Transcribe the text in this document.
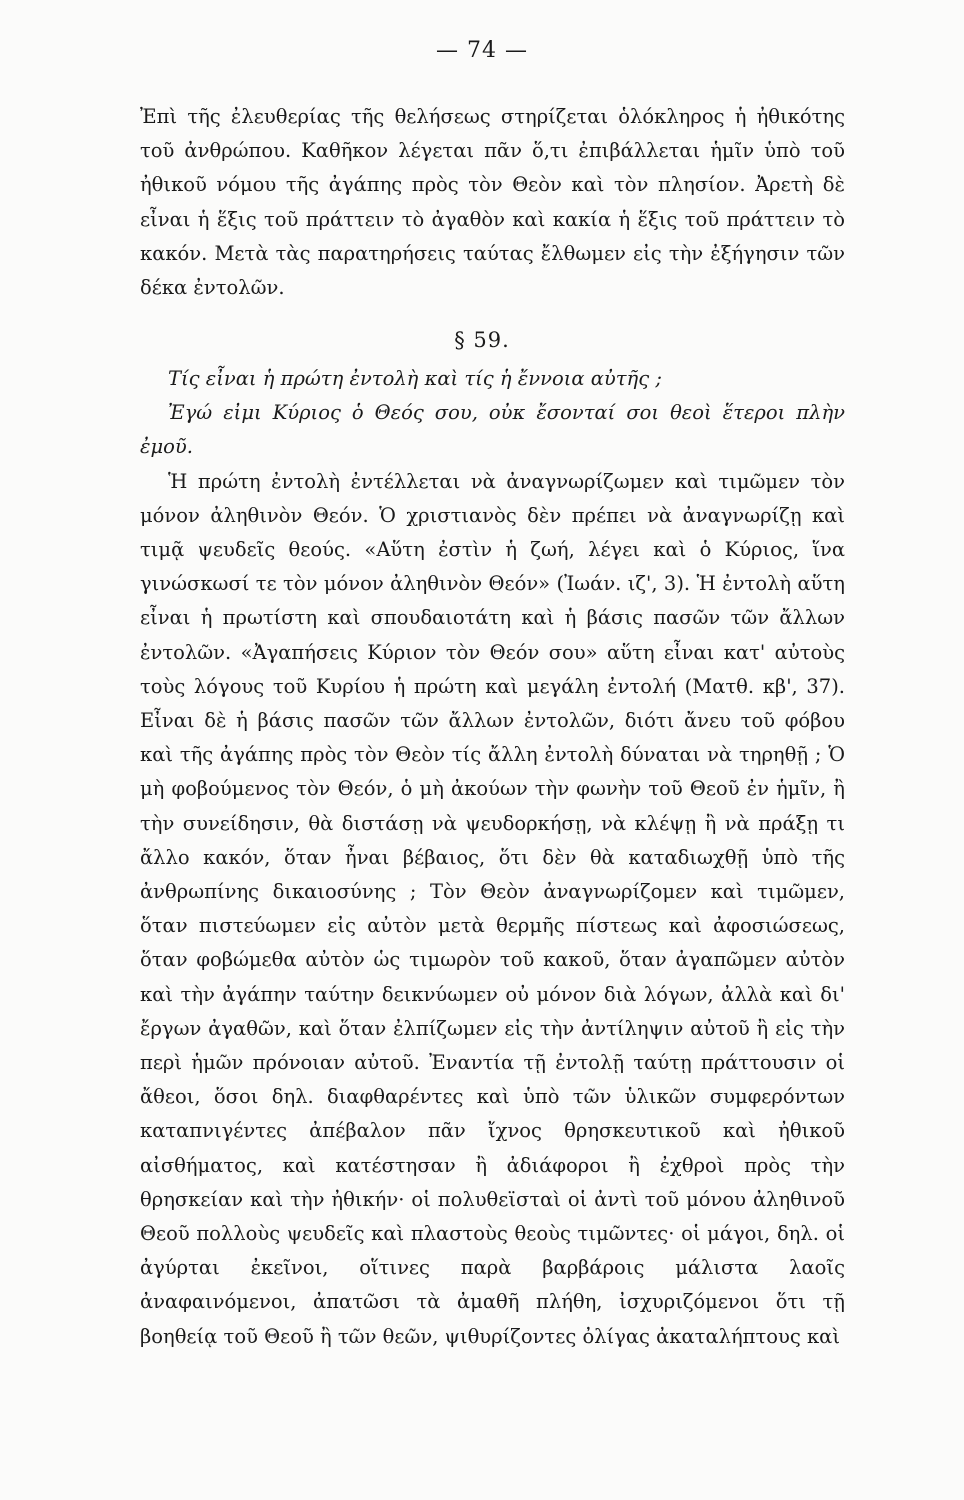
— 74 —

Ἐπὶ τῆς ἐλευθερίας τῆς θελήσεως στηρίζεται ὁλόκληρος ἡ ἠθικότης τοῦ ἀνθρώπου. Καθῆκον λέγεται πᾶν ὅ,τι ἐπιβάλλεται ἡμῖν ὑπὸ τοῦ ἠθικοῦ νόμου τῆς ἀγάπης πρὸς τὸν Θεὸν καὶ τὸν πλησίον. Ἀρετὴ δὲ εἶναι ἡ ἕξις τοῦ πράττειν τὸ ἀγαθὸν καὶ κακία ἡ ἕξις τοῦ πράττειν τὸ κακόν. Μετὰ τὰς παρατηρήσεις ταύτας ἔλθωμεν εἰς τὴν ἐξήγησιν τῶν δέκα ἐντολῶν.

§ 59.

Τίς εἶναι ἡ πρώτη ἐντολὴ καὶ τίς ἡ ἔννοια αὐτῆς ;

Ἐγώ εἰμι Κύριος ὁ Θεός σου, οὐκ ἔσονταί σοι θεοὶ ἕτεροι πλὴν ἐμοῦ.

Ἡ πρώτη ἐντολὴ ἐντέλλεται νὰ ἀναγνωρίζωμεν καὶ τιμῶμεν τὸν μόνον ἀληθινὸν Θεόν. Ὁ χριστιανὸς δὲν πρέπει νὰ ἀναγνωρίζῃ καὶ τιμᾷ ψευδεῖς θεούς. «Αὕτη ἐστὶν ἡ ζωή, λέγει καὶ ὁ Κύριος, ἵνα γινώσκωσί τε τὸν μόνον ἀληθινὸν Θεόν» (Ἰωάν. ιζ', 3). Ἡ ἐντολὴ αὕτη εἶναι ἡ πρωτίστη καὶ σπουδαιοτάτη καὶ ἡ βάσις πασῶν τῶν ἄλλων ἐντολῶν. «Ἀγαπήσεις Κύριον τὸν Θεόν σου» αὕτη εἶναι κατ' αὐτοὺς τοὺς λόγους τοῦ Κυρίου ἡ πρώτη καὶ μεγάλη ἐντολή (Ματθ. κβ', 37). Εἶναι δὲ ἡ βάσις πασῶν τῶν ἄλλων ἐντολῶν, διότι ἄνευ τοῦ φόβου καὶ τῆς ἀγάπης πρὸς τὸν Θεὸν τίς ἄλλη ἐντολὴ δύναται νὰ τηρηθῇ ; Ὁ μὴ φοβούμενος τὸν Θεόν, ὁ μὴ ἀκούων τὴν φωνὴν τοῦ Θεοῦ ἐν ἡμῖν, ἢ τὴν συνείδησιν, θὰ διστάσῃ νὰ ψευδορκήσῃ, νὰ κλέψῃ ἢ νὰ πράξῃ τι ἄλλο κακόν, ὅταν ἦναι βέβαιος, ὅτι δὲν θὰ καταδιωχθῇ ὑπὸ τῆς ἀνθρωπίνης δικαιοσύνης ; Τὸν Θεὸν ἀναγνωρίζομεν καὶ τιμῶμεν, ὅταν πιστεύωμεν εἰς αὐτὸν μετὰ θερμῆς πίστεως καὶ ἀφοσιώσεως, ὅταν φοβώμεθα αὐτὸν ὡς τιμωρὸν τοῦ κακοῦ, ὅταν ἀγαπῶμεν αὐτὸν καὶ τὴν ἀγάπην ταύτην δεικνύωμεν οὐ μόνον διὰ λόγων, ἀλλὰ καὶ δι' ἔργων ἀγαθῶν, καὶ ὅταν ἐλπίζωμεν εἰς τὴν ἀντίληψιν αὐτοῦ ἢ εἰς τὴν περὶ ἡμῶν πρόνοιαν αὐτοῦ. Ἐναντία τῇ ἐντολῇ ταύτῃ πράττουσιν οἱ ἄθεοι, ὅσοι δηλ. διαφθαρέντες καὶ ὑπὸ τῶν ὑλικῶν συμφερόντων καταπνιγέντες ἀπέβαλον πᾶν ἴχνος θρησκευτικοῦ καὶ ἠθικοῦ αἰσθήματος, καὶ κατέστησαν ἢ ἀδιάφοροι ἢ ἐχθροὶ πρὸς τὴν θρησκείαν καὶ τὴν ἠθικήν· οἱ πολυθεϊσταὶ οἱ ἀντὶ τοῦ μόνου ἀληθινοῦ Θεοῦ πολλοὺς ψευδεῖς καὶ πλαστοὺς θεοὺς τιμῶντες· οἱ μάγοι, δηλ. οἱ ἀγύρται ἐκεῖνοι, οἵτινες παρὰ βαρβάροις μάλιστα λαοῖς ἀναφαινόμενοι, ἀπατῶσι τὰ ἀμαθῆ πλήθη, ἰσχυριζόμενοι ὅτι τῇ βοηθείᾳ τοῦ Θεοῦ ἢ τῶν θεῶν, ψιθυρίζοντες ὀλίγας ἀκαταλήπτους καὶ
